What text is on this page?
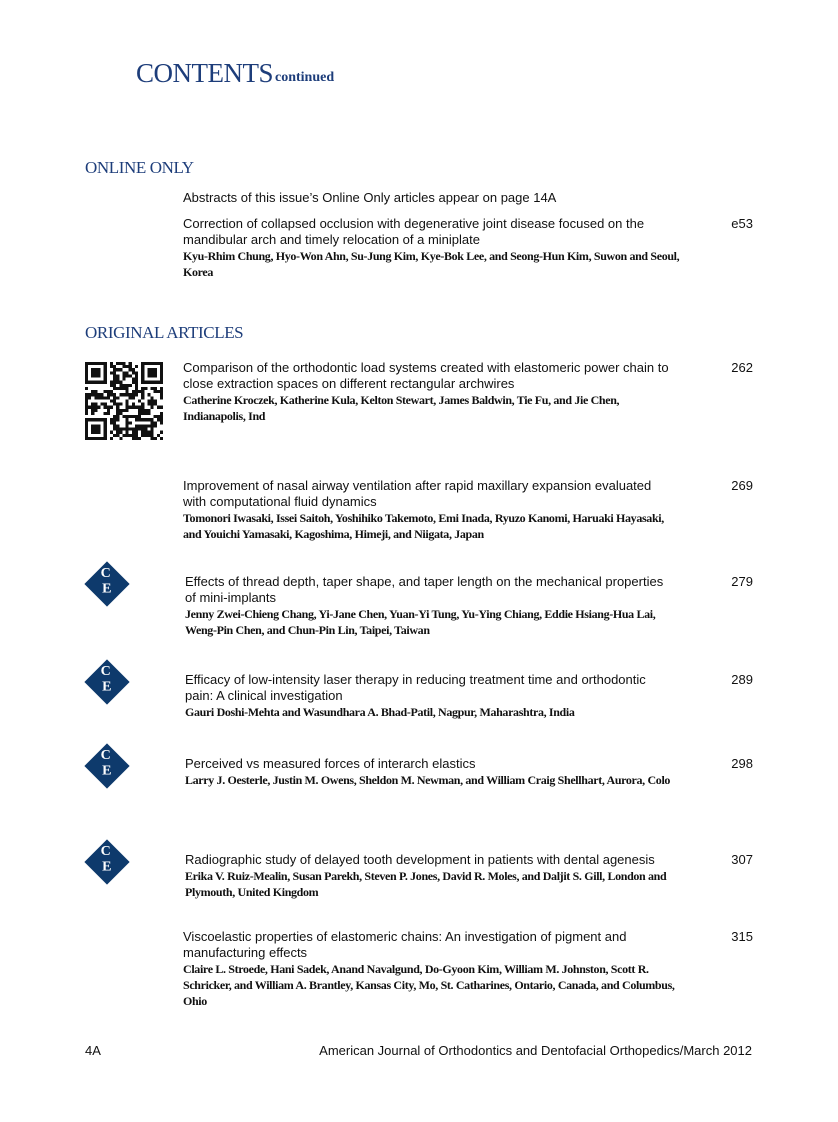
CONTENTS continued
ONLINE ONLY
Abstracts of this issue’s Online Only articles appear on page 14A
Correction of collapsed occlusion with degenerative joint disease focused on the mandibular arch and timely relocation of a miniplate
Kyu-Rhim Chung, Hyo-Won Ahn, Su-Jung Kim, Kye-Bok Lee, and Seong-Hun Kim, Suwon and Seoul, Korea
e53
ORIGINAL ARTICLES
Comparison of the orthodontic load systems created with elastomeric power chain to close extraction spaces on different rectangular archwires
Catherine Kroczek, Katherine Kula, Kelton Stewart, James Baldwin, Tie Fu, and Jie Chen, Indianapolis, Ind
262
Improvement of nasal airway ventilation after rapid maxillary expansion evaluated with computational fluid dynamics
Tomonori Iwasaki, Issei Saitoh, Yoshihiko Takemoto, Emi Inada, Ryuzo Kanomi, Haruaki Hayasaki, and Youichi Yamasaki, Kagoshima, Himeji, and Niigata, Japan
269
Effects of thread depth, taper shape, and taper length on the mechanical properties of mini-implants
Jenny Zwei-Chieng Chang, Yi-Jane Chen, Yuan-Yi Tung, Yu-Ying Chiang, Eddie Hsiang-Hua Lai, Weng-Pin Chen, and Chun-Pin Lin, Taipei, Taiwan
279
C
E
Efficacy of low-intensity laser therapy in reducing treatment time and orthodontic pain: A clinical investigation
Gauri Doshi-Mehta and Wasundhara A. Bhad-Patil, Nagpur, Maharashtra, India
289
C
E
Perceived vs measured forces of interarch elastics
Larry J. Oesterle, Justin M. Owens, Sheldon M. Newman, and William Craig Shellhart, Aurora, Colo
298
C
E
Radiographic study of delayed tooth development in patients with dental agenesis
Erika V. Ruiz-Mealin, Susan Parekh, Steven P. Jones, David R. Moles, and Daljit S. Gill, London and Plymouth, United Kingdom
307
C
E
Viscoelastic properties of elastomeric chains: An investigation of pigment and manufacturing effects
Claire L. Stroede, Hani Sadek, Anand Navalgund, Do-Gyoon Kim, William M. Johnston, Scott R. Schricker, and William A. Brantley, Kansas City, Mo, St. Catharines, Ontario, Canada, and Columbus, Ohio
315
4A	American Journal of Orthodontics and Dentofacial Orthopedics/March 2012
